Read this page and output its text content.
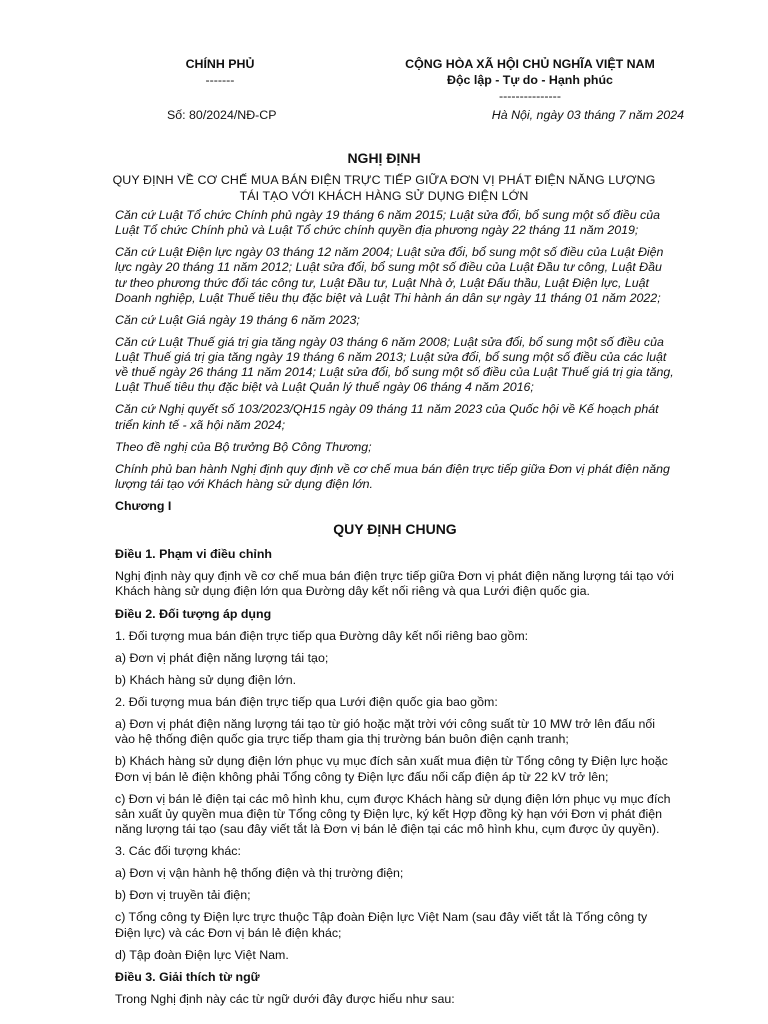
CHÍNH PHỦ
-------
CỘNG HÒA XÃ HỘI CHỦ NGHĨA VIỆT NAM
Độc lập - Tự do - Hạnh phúc
---------------
Số: 80/2024/NĐ-CP	Hà Nội, ngày 03 tháng 7 năm 2024
NGHỊ ĐỊNH
QUY ĐỊNH VỀ CƠ CHẾ MUA BÁN ĐIỆN TRỰC TIẾP GIỮA ĐƠN VỊ PHÁT ĐIỆN NĂNG LƯỢNG TÁI TẠO VỚI KHÁCH HÀNG SỬ DỤNG ĐIỆN LỚN

Căn cứ Luật Tổ chức Chính phủ ngày 19 tháng 6 năm 2015; Luật sửa đổi, bổ sung một số điều của Luật Tổ chức Chính phủ và Luật Tổ chức chính quyền địa phương ngày 22 tháng 11 năm 2019;

Căn cứ Luật Điện lực ngày 03 tháng 12 năm 2004; Luật sửa đổi, bổ sung một số điều của Luật Điện lực ngày 20 tháng 11 năm 2012; Luật sửa đổi, bổ sung một số điều của Luật Đầu tư công, Luật Đầu tư theo phương thức đối tác công tư, Luật Đầu tư, Luật Nhà ở, Luật Đấu thầu, Luật Điện lực, Luật Doanh nghiệp, Luật Thuế tiêu thụ đặc biệt và Luật Thi hành án dân sự ngày 11 tháng 01 năm 2022;

Căn cứ Luật Giá ngày 19 tháng 6 năm 2023;

Căn cứ Luật Thuế giá trị gia tăng ngày 03 tháng 6 năm 2008; Luật sửa đổi, bổ sung một số điều của Luật Thuế giá trị gia tăng ngày 19 tháng 6 năm 2013; Luật sửa đổi, bổ sung một số điều của các luật về thuế ngày 26 tháng 11 năm 2014; Luật sửa đổi, bổ sung một số điều của Luật Thuế giá trị gia tăng, Luật Thuế tiêu thụ đặc biệt và Luật Quản lý thuế ngày 06 tháng 4 năm 2016;

Căn cứ Nghị quyết số 103/2023/QH15 ngày 09 tháng 11 năm 2023 của Quốc hội về Kế hoạch phát triển kinh tế - xã hội năm 2024;

Theo đề nghị của Bộ trưởng Bộ Công Thương;

Chính phủ ban hành Nghị định quy định về cơ chế mua bán điện trực tiếp giữa Đơn vị phát điện năng lượng tái tạo với Khách hàng sử dụng điện lớn.

Chương I

QUY ĐỊNH CHUNG

Điều 1. Phạm vi điều chỉnh

Nghị định này quy định về cơ chế mua bán điện trực tiếp giữa Đơn vị phát điện năng lượng tái tạo với Khách hàng sử dụng điện lớn qua Đường dây kết nối riêng và qua Lưới điện quốc gia.

Điều 2. Đối tượng áp dụng

1. Đối tượng mua bán điện trực tiếp qua Đường dây kết nối riêng bao gồm:

a) Đơn vị phát điện năng lượng tái tạo;

b) Khách hàng sử dụng điện lớn.

2. Đối tượng mua bán điện trực tiếp qua Lưới điện quốc gia bao gồm:

a) Đơn vị phát điện năng lượng tái tạo từ gió hoặc mặt trời với công suất từ 10 MW trở lên đấu nối vào hệ thống điện quốc gia trực tiếp tham gia thị trường bán buôn điện cạnh tranh;

b) Khách hàng sử dụng điện lớn phục vụ mục đích sản xuất mua điện từ Tổng công ty Điện lực hoặc Đơn vị bán lẻ điện không phải Tổng công ty Điện lực đấu nối cấp điện áp từ 22 kV trở lên;

c) Đơn vị bán lẻ điện tại các mô hình khu, cụm được Khách hàng sử dụng điện lớn phục vụ mục đích sản xuất ủy quyền mua điện từ Tổng công ty Điện lực, ký kết Hợp đồng kỳ hạn với Đơn vị phát điện năng lượng tái tạo (sau đây viết tắt là Đơn vị bán lẻ điện tại các mô hình khu, cụm được ủy quyền).

3. Các đối tượng khác:

a) Đơn vị vận hành hệ thống điện và thị trường điện;

b) Đơn vị truyền tải điện;

c) Tổng công ty Điện lực trực thuộc Tập đoàn Điện lực Việt Nam (sau đây viết tắt là Tổng công ty Điện lực) và các Đơn vị bán lẻ điện khác;

d) Tập đoàn Điện lực Việt Nam.

Điều 3. Giải thích từ ngữ

Trong Nghị định này các từ ngữ dưới đây được hiểu như sau:
